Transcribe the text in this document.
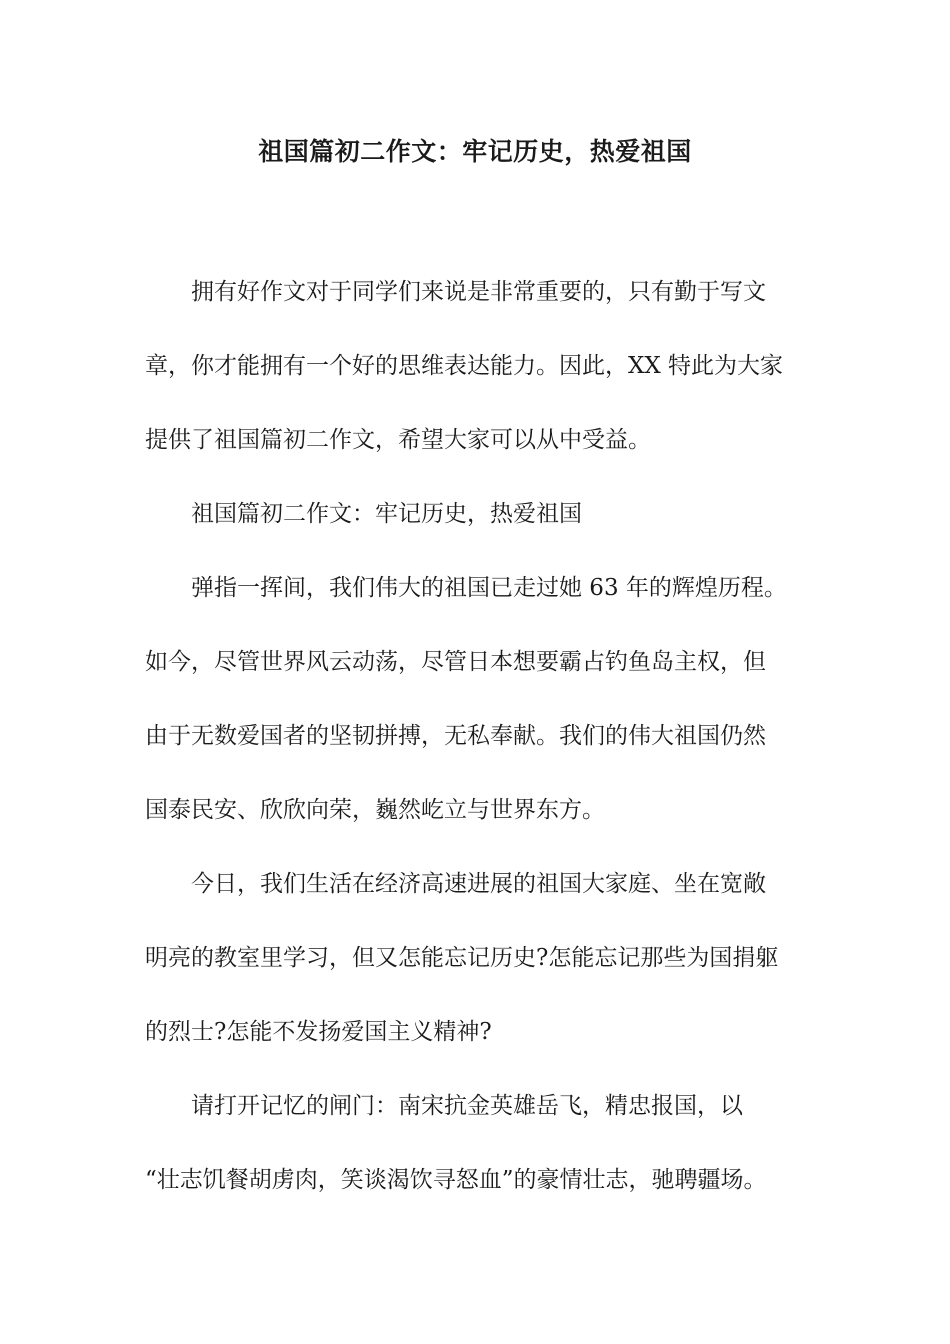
祖国篇初二作文：牢记历史，热爱祖国

拥有好作文对于同学们来说是非常重要的，只有勤于写文
章，你才能拥有一个好的思维表达能力。因此，XX 特此为大家
提供了祖国篇初二作文，希望大家可以从中受益。

祖国篇初二作文：牢记历史，热爱祖国

弹指一挥间，我们伟大的祖国已走过她 63 年的辉煌历程。
如今，尽管世界风云动荡，尽管日本想要霸占钓鱼岛主权，但
由于无数爱国者的坚韧拼搏，无私奉献。我们的伟大祖国仍然
国泰民安、欣欣向荣，巍然屹立与世界东方。

今日，我们生活在经济高速进展的祖国大家庭、坐在宽敞
明亮的教室里学习，但又怎能忘记历史?怎能忘记那些为国捐躯
的烈士?怎能不发扬爱国主义精神?

请打开记忆的闸门：南宋抗金英雄岳飞，精忠报国，以
“壮志饥餐胡虏肉，笑谈渴饮寻怒血”的豪情壮志，驰聘疆场。
